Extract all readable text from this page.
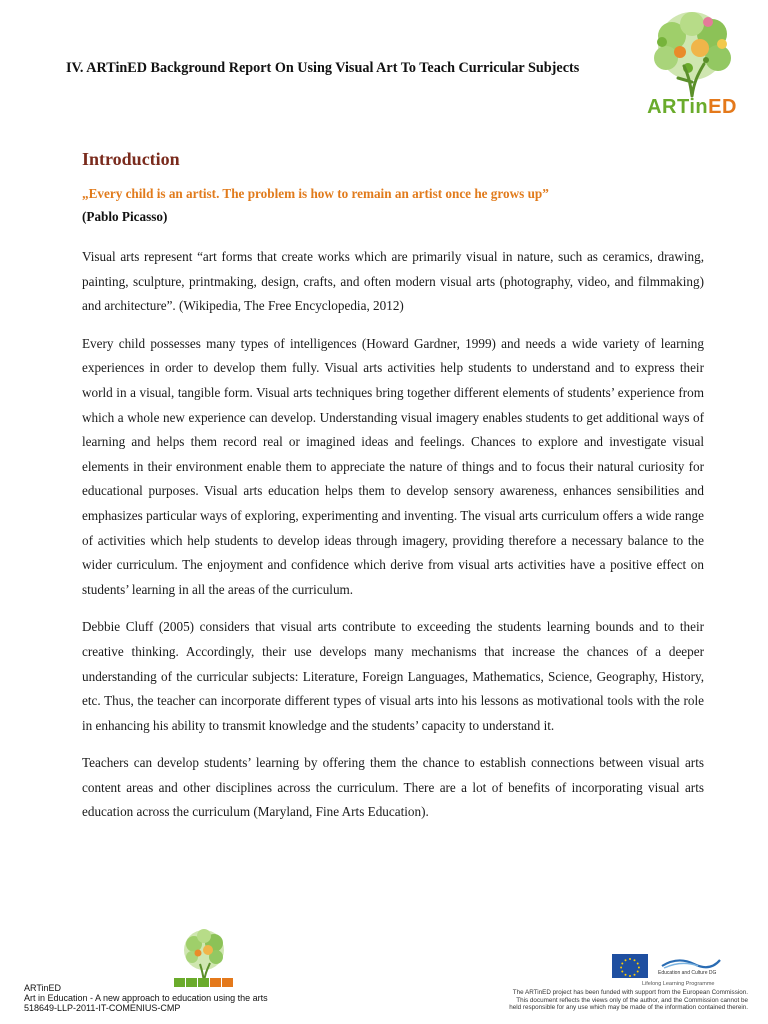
IV. ARTinED Background Report On Using Visual Art To Teach Curricular Subjects
ARTinED
Introduction
„Every child is an artist. The problem is how to remain an artist once he grows up”
(Pablo Picasso)

Visual arts represent “art forms that create works which are primarily visual in nature, such as ceramics, drawing, painting, sculpture, printmaking, design, crafts, and often modern visual arts (photography, video, and filmmaking) and architecture”. (Wikipedia, The Free Encyclopedia, 2012)

Every child possesses many types of intelligences (Howard Gardner, 1999) and needs a wide variety of learning experiences in order to develop them fully. Visual arts activities help students to understand and to express their world in a visual, tangible form. Visual arts techniques bring together different elements of students’ experience from which a whole new experience can develop. Understanding visual imagery enables students to get additional ways of learning and helps them record real or imagined ideas and feelings. Chances to explore and investigate visual elements in their environment enable them to appreciate the nature of things and to focus their natural curiosity for educational purposes. Visual arts education helps them to develop sensory awareness, enhances sensibilities and emphasizes particular ways of exploring, experimenting and inventing. The visual arts curriculum offers a wide range of activities which help students to develop ideas through imagery, providing therefore a necessary balance to the wider curriculum. The enjoyment and confidence which derive from visual arts activities have a positive effect on students’ learning in all the areas of the curriculum.

Debbie Cluff (2005) considers that visual arts contribute to exceeding the students learning bounds and to their creative thinking. Accordingly, their use develops many mechanisms that increase the chances of a deeper understanding of the curricular subjects: Literature, Foreign Languages, Mathematics, Science, Geography, History, etc. Thus, the teacher can incorporate different types of visual arts into his lessons as motivational tools with the role in enhancing his ability to transmit knowledge and the students’ capacity to understand it.

Teachers can develop students’ learning by offering them the chance to establish connections between visual arts content areas and other disciplines across the curriculum. There are a lot of benefits of incorporating visual arts education across the curriculum (Maryland, Fine Arts Education).

ARTinED
Art in Education - A new approach to education using the arts
518649-LLP-2011-IT-COMENIUS-CMP
Education and Culture DG
Lifelong Learning Programme
The ARTinED project has been funded with support from the European Commission.
This document reflects the views only of the author, and the Commission cannot be
held responsible for any use which may be made of the information contained therein.
